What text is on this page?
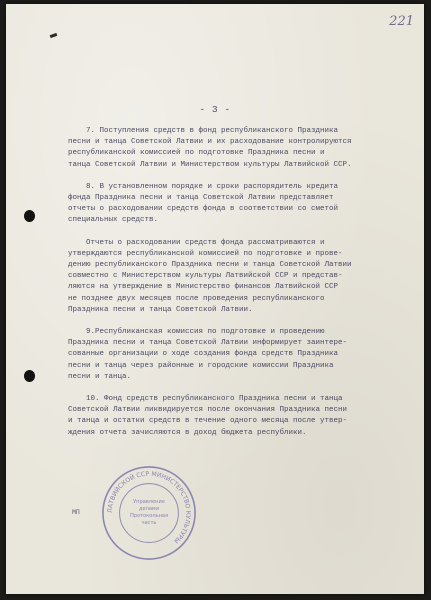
221
- 3 -

7. Поступления средств в фонд республиканского Праздника
песни и танца Советской Латвии и их расходование контролируются
республиканской комиссией по подготовке Праздника песни и
танца Советской Латвии и Министерством культуры Латвийской ССР.

8. В установленном порядке и сроки распорядитель кредита
фонда Праздника песни и танца Советской Латвии представляет
отчеты о расходовании средств фонда в соответствии со сметой
специальных средств.

Отчеты о расходовании средств фонда рассматриваются и
утверждаются республиканской комиссией по подготовке и прове-
дению республиканского Праздника песни и танца Советской Латвии
совместно с Министерством культуры Латвийской ССР и представ-
ляются на утверждение в Министерство финансов Латвийской ССР
не позднее двух месяцев после проведения республиканского
Праздника песни и танца Советской Латвии.

9.Республиканская комиссия по подготовке и проведению
Праздника песни и танца Советской Латвии информирует заинтере-
сованные организации о ходе создания фонда средств Праздника
песни и танца через районные и городские комиссии Праздника
песни и танца.

10. Фонд средств республиканского Праздника песни и танца
Советской Латвии ликвидируется после окончания Праздника песни
и танца и остатки средств в течение одного месяца после утвер-
ждения отчета зачисляются в доход бюджета республики.

МП	ЛАТВИЙСКОЙ ССР МИНИСТЕРСТВО КУЛЬТУРЫ
Управление делами Протокольная часть
